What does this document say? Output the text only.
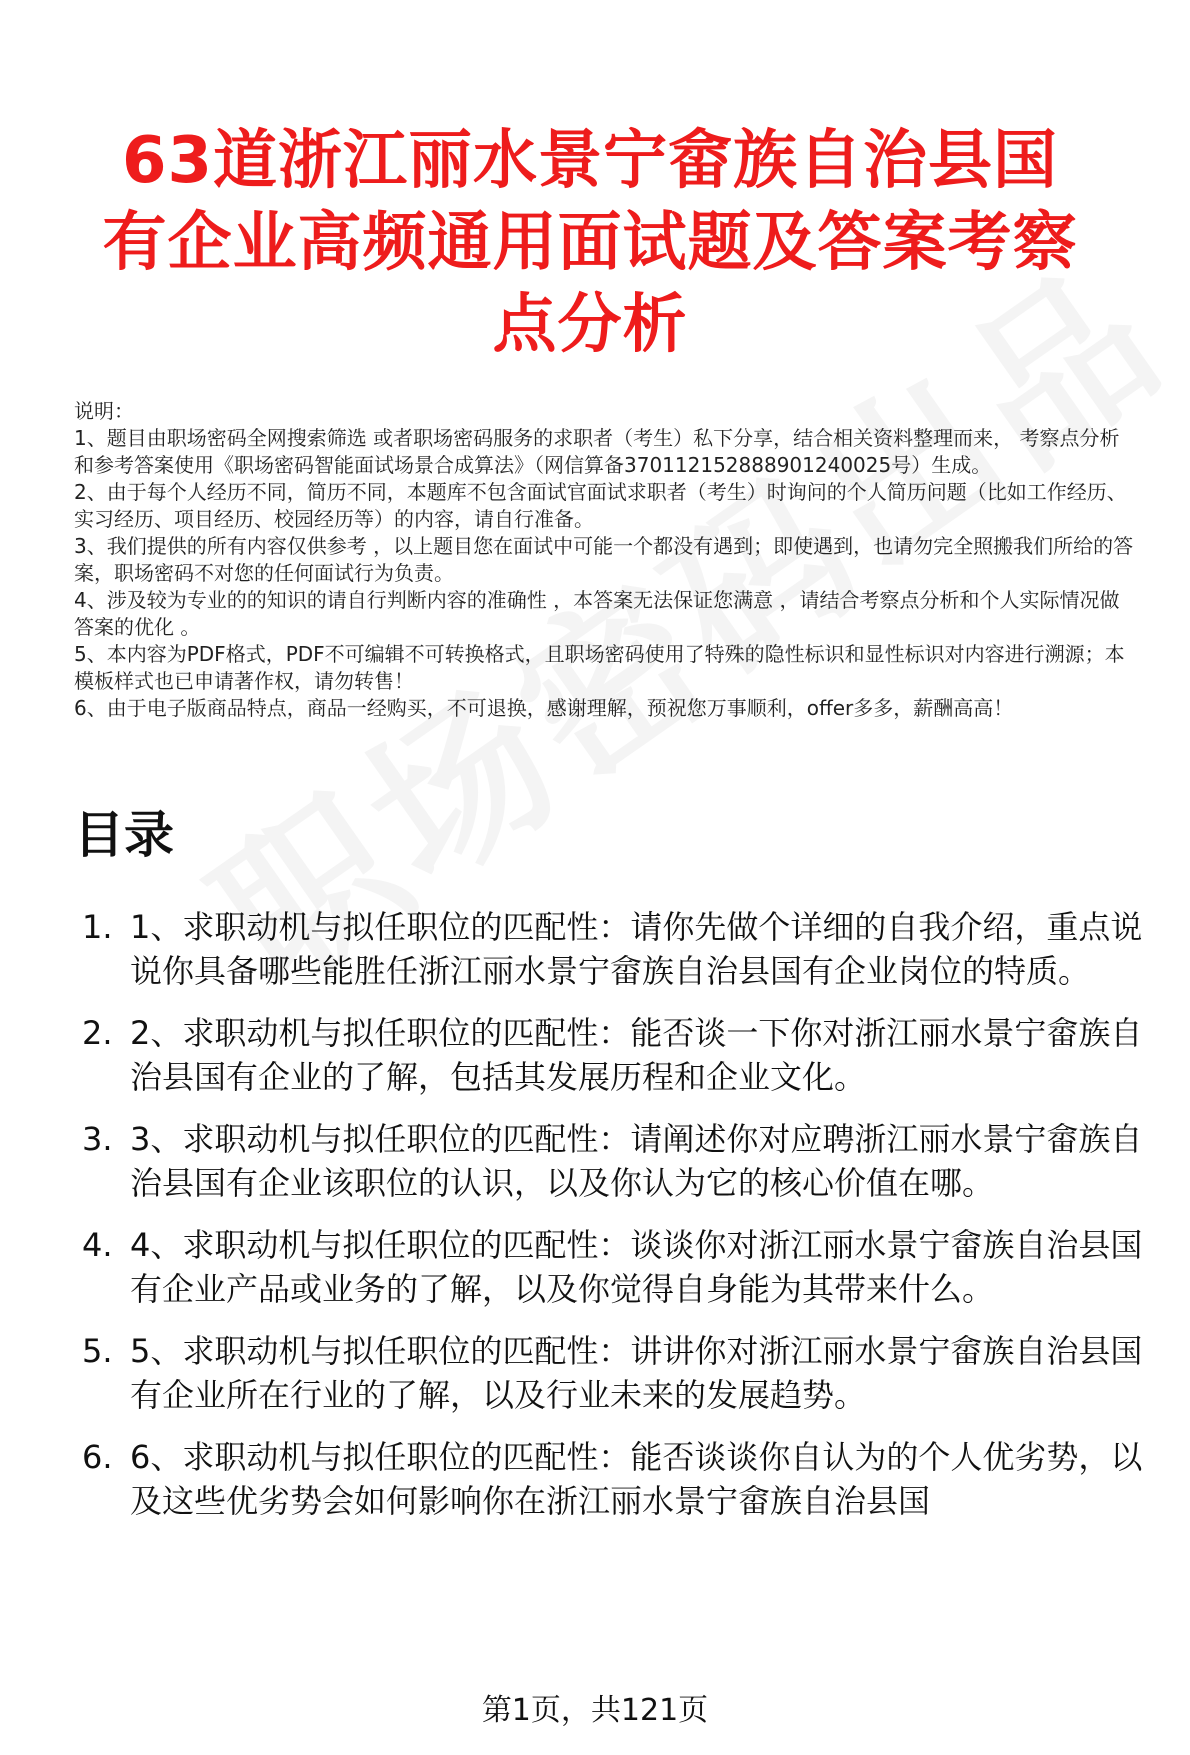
63道浙江丽水景宁畲族自治县国有企业高频通用面试题及答案考察点分析

说明：

1、题目由职场密码全网搜索筛选 或者职场密码服务的求职者（考生）私下分享，结合相关资料整理而来， 考察点分析和参考答案使用《职场密码智能面试场景合成算法》（网信算备370112152888901240025号）生成。

2、由于每个人经历不同，简历不同，本题库不包含面试官面试求职者（考生）时询问的个人简历问题（比如工作经历、实习经历、项目经历、校园经历等）的内容，请自行准备。

3、我们提供的所有内容仅供参考 ，以上题目您在面试中可能一个都没有遇到；即使遇到，也请勿完全照搬我们所给的答案，职场密码不对您的任何面试行为负责。

4、涉及较为专业的的知识的请自行判断内容的准确性 ，本答案无法保证您满意 ，请结合考察点分析和个人实际情况做答案的优化 。

5、本内容为PDF格式，PDF不可编辑不可转换格式，且职场密码使用了特殊的隐性标识和显性标识对内容进行溯源；本模板样式也已申请著作权，请勿转售！

6、由于电子版商品特点，商品一经购买，不可退换，感谢理解，预祝您万事顺利，offer多多，薪酬高高！

目录
1. 1、求职动机与拟任职位的匹配性：请你先做个详细的自我介绍，重点说说你具备哪些能胜任浙江丽水景宁畲族自治县国有企业岗位的特质。
2. 2、求职动机与拟任职位的匹配性：能否谈一下你对浙江丽水景宁畲族自治县国有企业的了解，包括其发展历程和企业文化。
3. 3、求职动机与拟任职位的匹配性：请阐述你对应聘浙江丽水景宁畲族自治县国有企业该职位的认识，以及你认为它的核心价值在哪。
4. 4、求职动机与拟任职位的匹配性：谈谈你对浙江丽水景宁畲族自治县国有企业产品或业务的了解，以及你觉得自身能为其带来什么。
5. 5、求职动机与拟任职位的匹配性：讲讲你对浙江丽水景宁畲族自治县国有企业所在行业的了解，以及行业未来的发展趋势。
6. 6、求职动机与拟任职位的匹配性：能否谈谈你自认为的个人优劣势，以及这些优劣势会如何影响你在浙江丽水景宁畲族自治县国
第1页，共121页
